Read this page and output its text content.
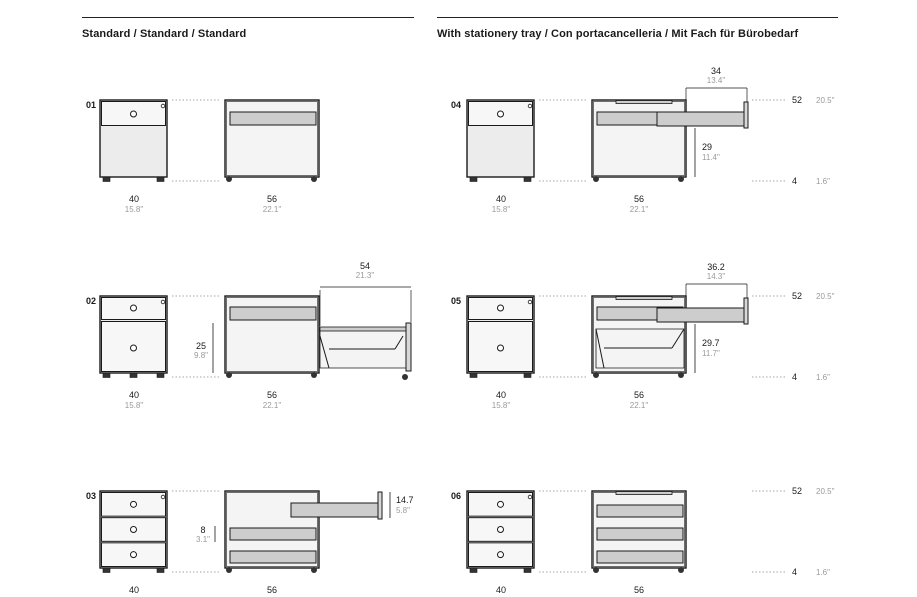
Standard / Standard / Standard	With stationery tray / Con portacancelleria / Mit Fach für Bürobedarf
01
40
15.8"
56
22.1"
02
40
15.8"
56
22.1"
03
40	56
04
40
15.8"
56
22.1"
05
40
15.8"
56
22.1"
06
40	56
52 20.5"
4 1.6"
52 20.5"
4 1.6"
52 20.5"
4 1.6"
54
21.3"
25
9.8"
14.7
5.8"
8
3.1"
34
13.4"
29
11.4"
36.2
14.3"
29.7
11.7"
